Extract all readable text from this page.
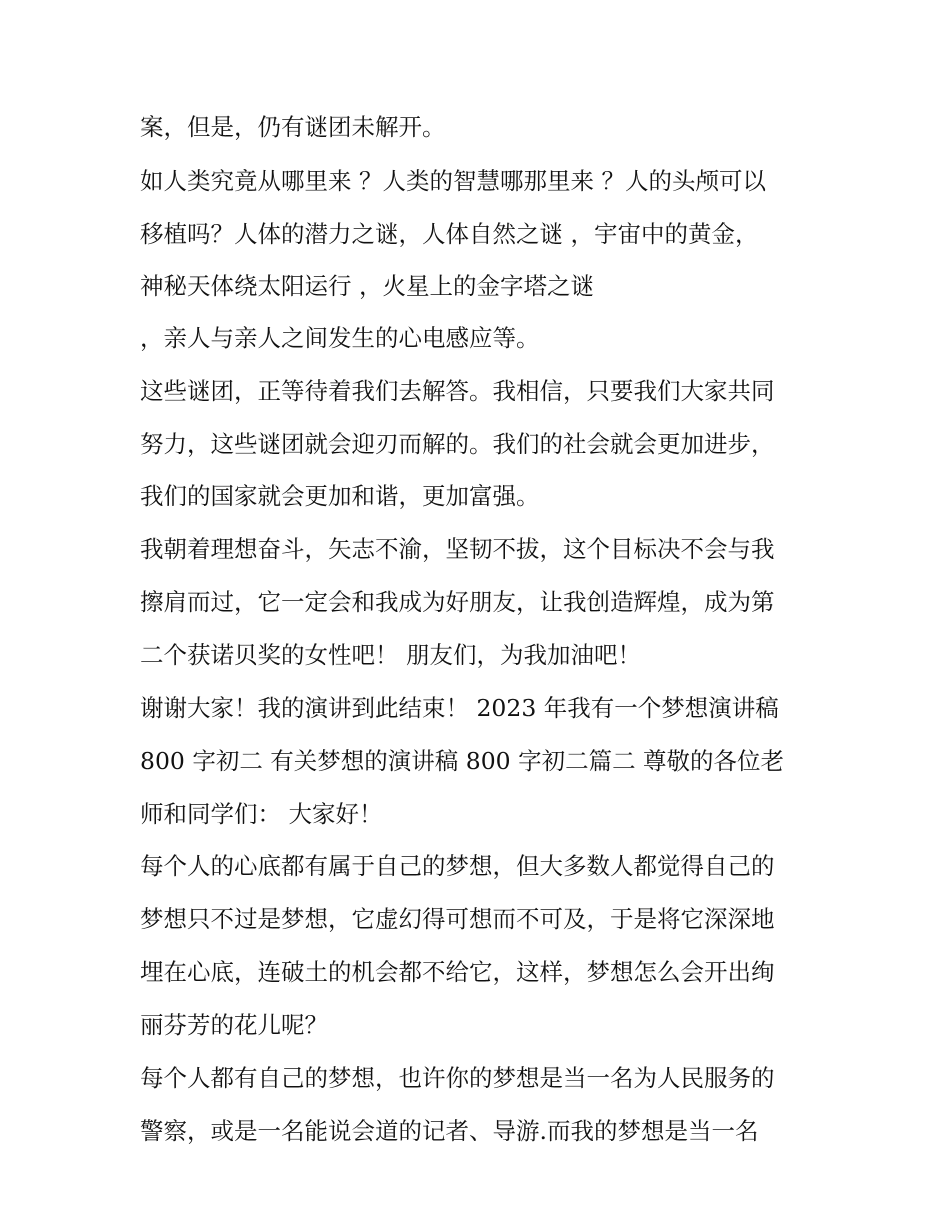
案，但是，仍有谜团未解开。
如人类究竟从哪里来 ？人类的智慧哪那里来 ？人的头颅可以
移植吗？人体的潜力之谜，人体自然之谜 ，宇宙中的黄金，
神秘天体绕太阳运行 ，火星上的金字塔之谜
，亲人与亲人之间发生的心电感应等。
这些谜团，正等待着我们去解答。我相信，只要我们大家共同
努力，这些谜团就会迎刃而解的。我们的社会就会更加进步，
我们的国家就会更加和谐，更加富强。
我朝着理想奋斗，矢志不渝，坚韧不拔，这个目标决不会与我
擦肩而过，它一定会和我成为好朋友，让我创造辉煌，成为第
二个获诺贝奖的女性吧！ 朋友们，为我加油吧！
谢谢大家！我的演讲到此结束！ 2023 年我有一个梦想演讲稿
800 字初二 有关梦想的演讲稿 800 字初二篇二 尊敬的各位老
师和同学们： 大家好！
每个人的心底都有属于自己的梦想，但大多数人都觉得自己的
梦想只不过是梦想，它虚幻得可想而不可及，于是将它深深地
埋在心底，连破土的机会都不给它，这样，梦想怎么会开出绚
丽芬芳的花儿呢？
每个人都有自己的梦想，也许你的梦想是当一名为人民服务的
警察，或是一名能说会道的记者、导游.而我的梦想是当一名
